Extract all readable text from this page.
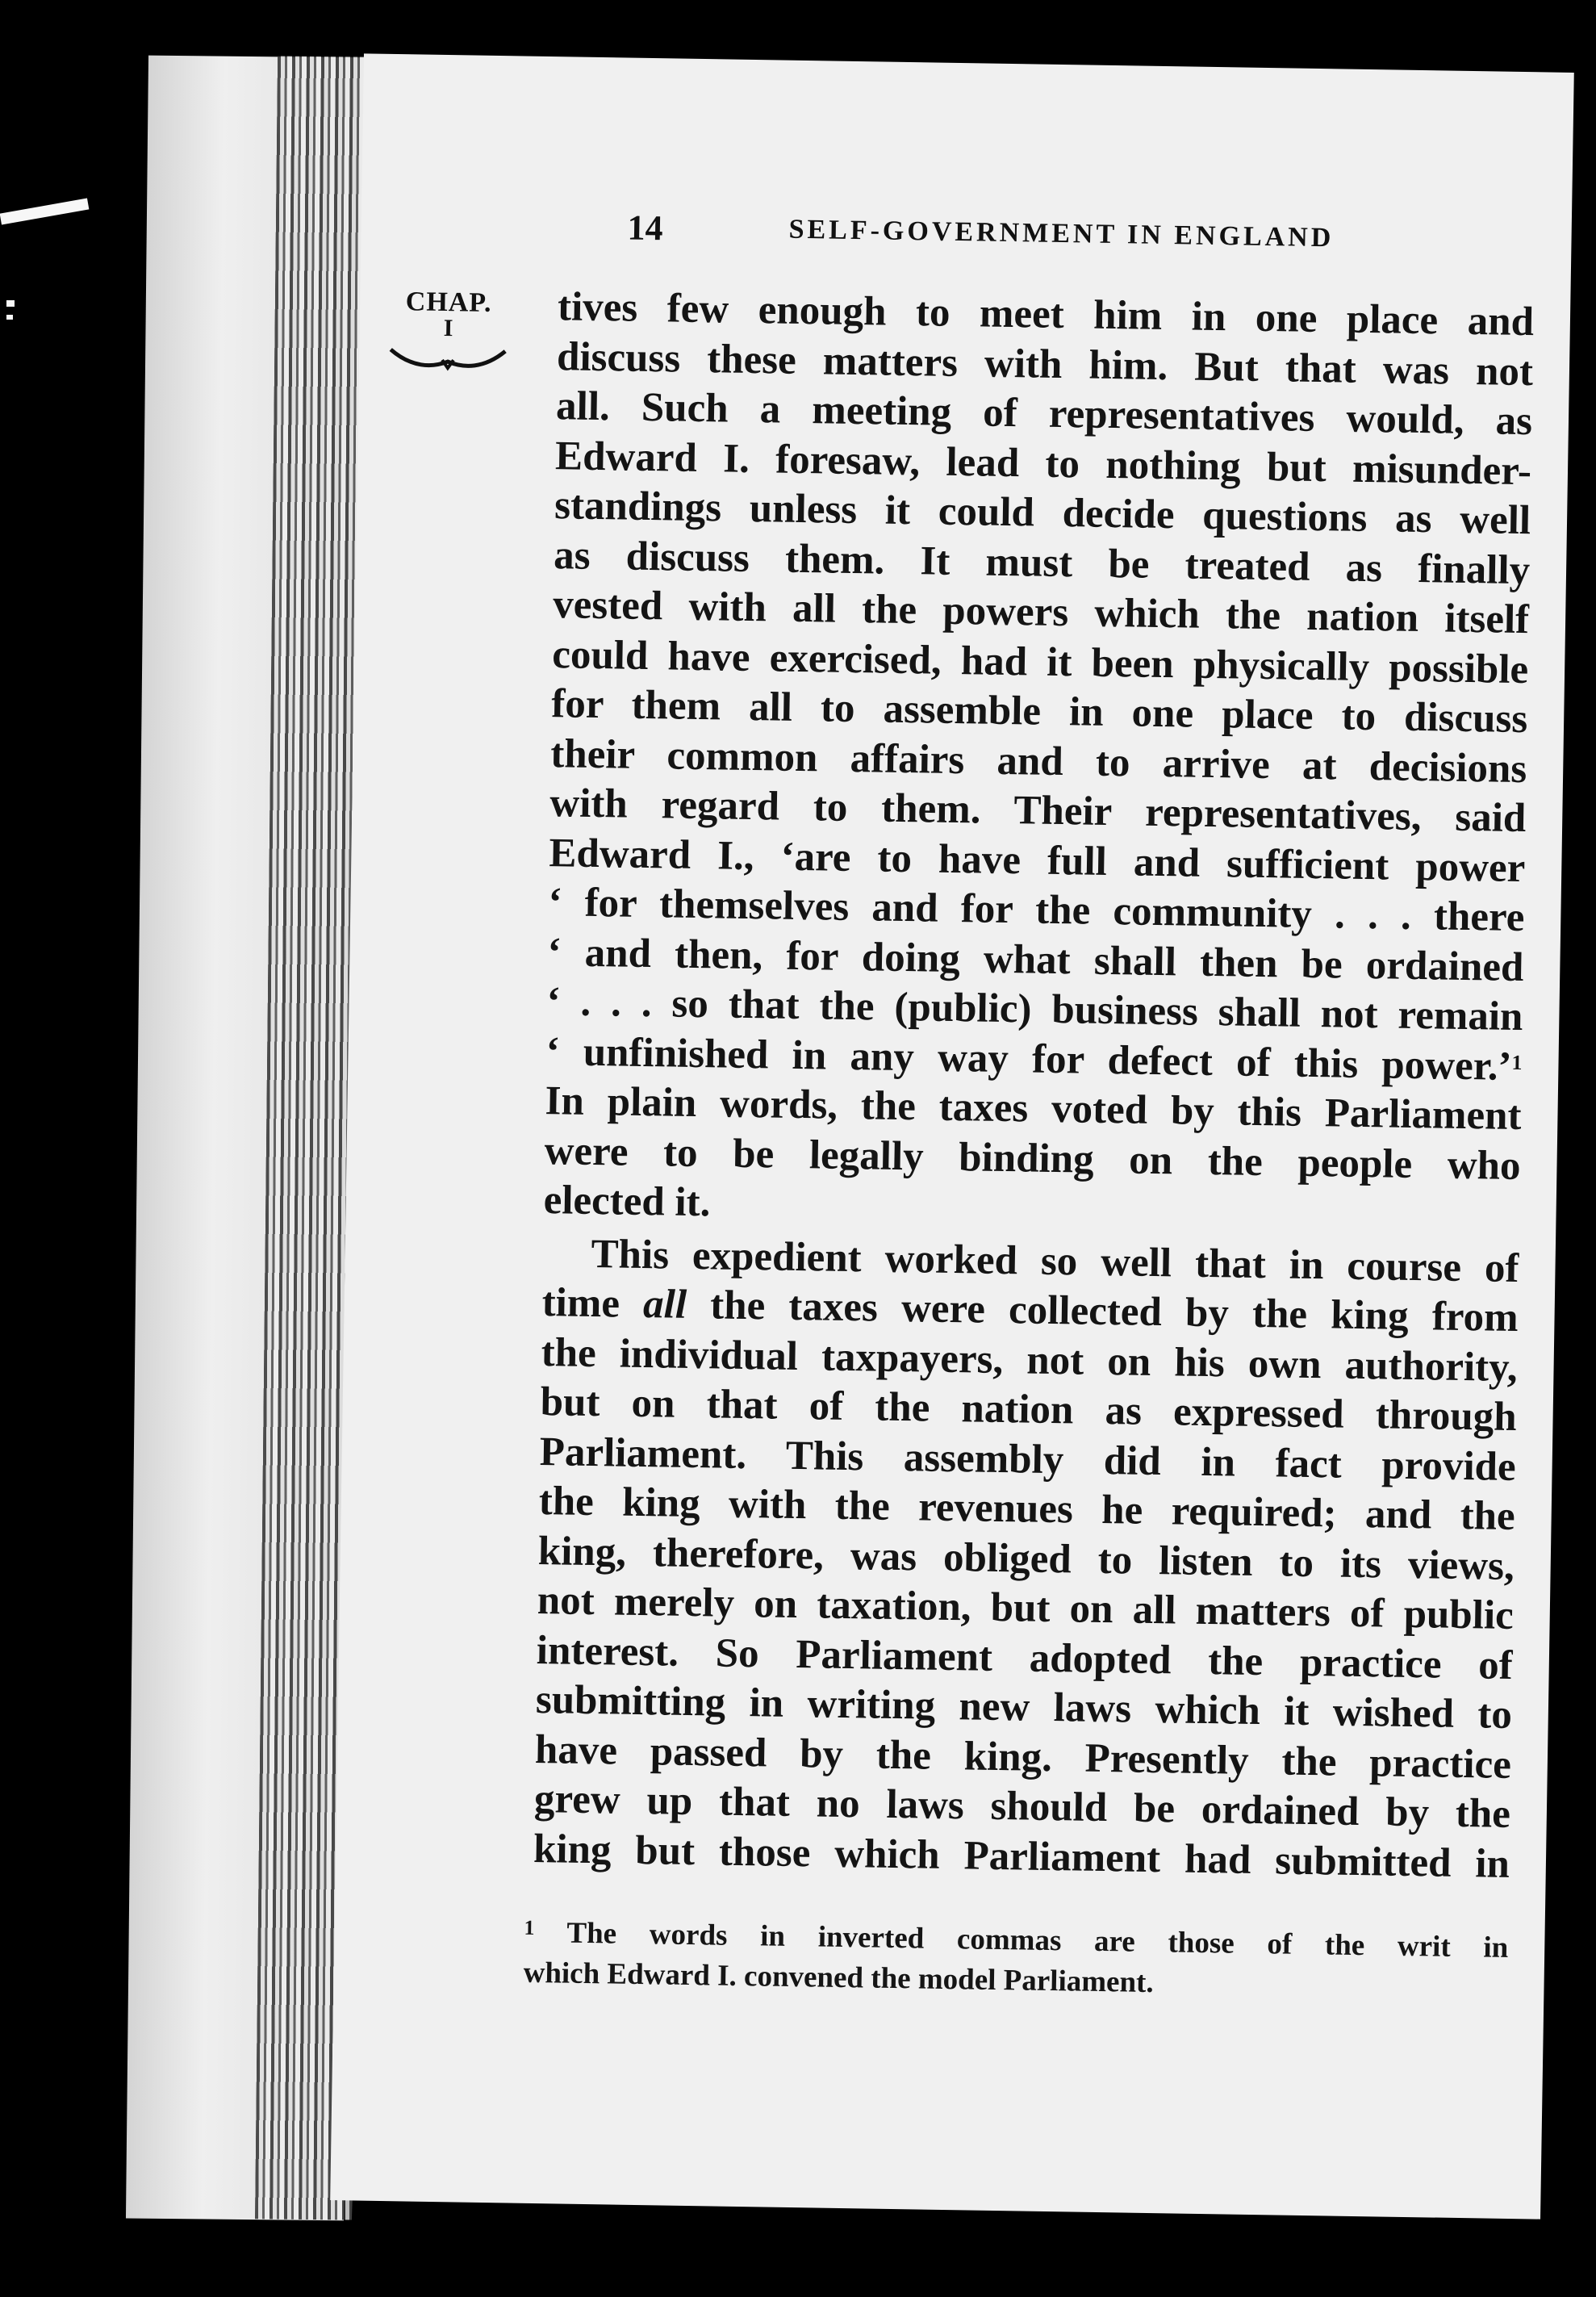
14	SELF-GOVERNMENT IN ENGLAND
CHAP.
I	tives few enough to meet him in one place and
discuss these matters with him. But that was not
all. Such a meeting of representatives would, as
Edward I. foresaw, lead to nothing but misunder-
standings unless it could decide questions as well
as discuss them. It must be treated as finally
vested with all the powers which the nation itself
could have exercised, had it been physically possible
for them all to assemble in one place to discuss
their common affairs and to arrive at decisions
with regard to them. Their representatives, said
Edward I., ‘are to have full and sufficient power
‘ for themselves and for the community . . . there
‘ and then, for doing what shall then be ordained
‘ . . . so that the (public) business shall not remain
‘ unfinished in any way for defect of this power.’$^1$
In plain words, the taxes voted by this Parliament
were to be legally binding on the people who
elected it.
This expedient worked so well that in course of
time all the taxes were collected by the king from
the individual taxpayers, not on his own authority,
but on that of the nation as expressed through
Parliament. This assembly did in fact provide
the king with the revenues he required; and the
king, therefore, was obliged to listen to its views,
not merely on taxation, but on all matters of public
interest. So Parliament adopted the practice of
submitting in writing new laws which it wished to
have passed by the king. Presently the practice
grew up that no laws should be ordained by the
king but those which Parliament had submitted in
$^1$ The words in inverted commas are those of the writ in
which Edward I. convened the model Parliament.
